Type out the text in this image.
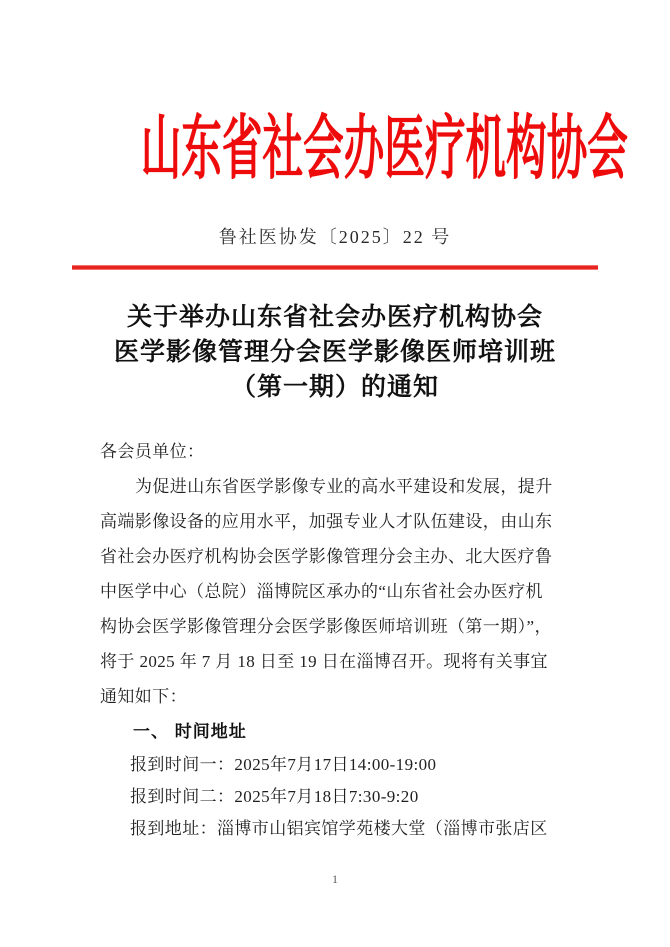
山东省社会办医疗机构协会
鲁社医协发〔2025〕22 号
关于举办山东省社会办医疗机构协会
医学影像管理分会医学影像医师培训班
（第一期）的通知
各会员单位：
为促进山东省医学影像专业的高水平建设和发展，提升
高端影像设备的应用水平，加强专业人才队伍建设，由山东
省社会办医疗机构协会医学影像管理分会主办、北大医疗鲁
中医学中心（总院）淄博院区承办的“山东省社会办医疗机
构协会医学影像管理分会医学影像医师培训班（第一期）”，
将于 2025 年 7 月 18 日至 19 日在淄博召开。现将有关事宜
通知如下：
一、 时间地址
报到时间一：2025年7月17日14:00-19:00
报到时间二：2025年7月18日7:30-9:20
报到地址：淄博市山铝宾馆学苑楼大堂（淄博市张店区
1
